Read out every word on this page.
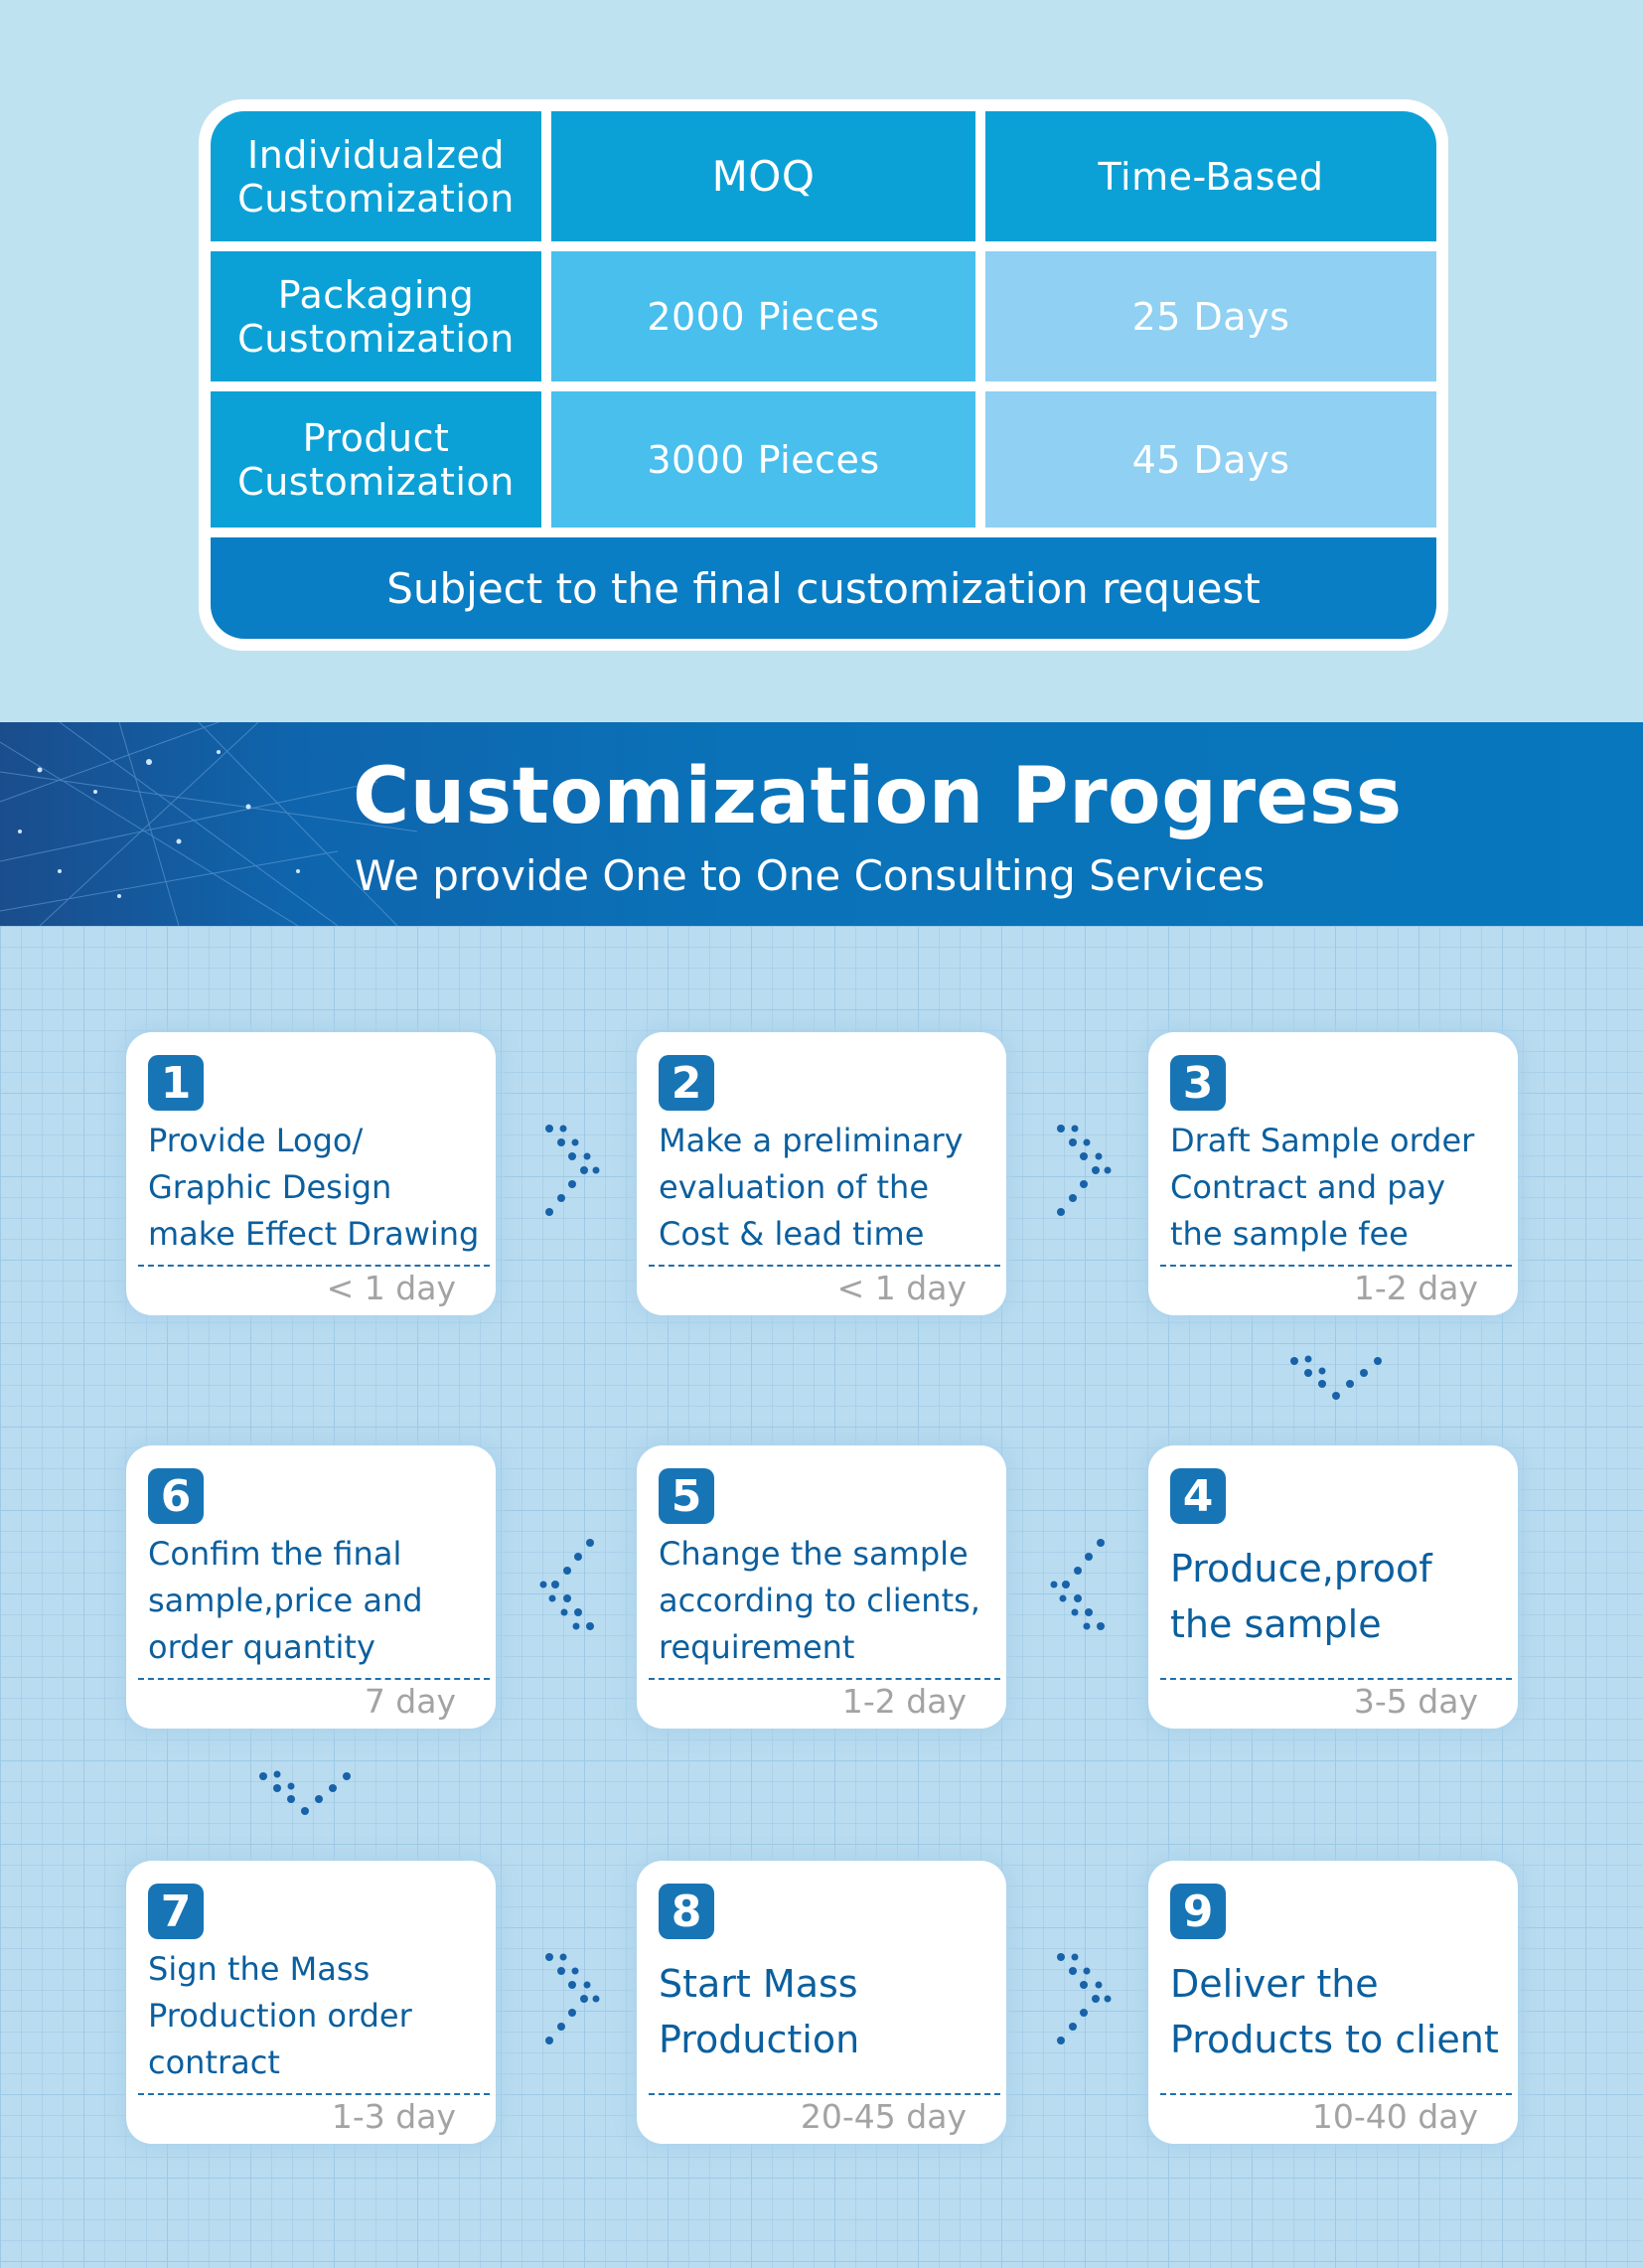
Individualzed Customization	MOQ	Time-Based
Packaging Customization	2000 Pieces	25 Days
Product Customization	3000 Pieces	45 Days
Subject to the final customization request
Customization Progress
We provide One to One Consulting Services
1
Provide Logo/
Graphic Design
make Effect Drawing
< 1 day
2
Make a preliminary
evaluation of the
Cost & lead time
< 1 day
3
Draft Sample order
Contract and pay
the sample fee
1-2 day
6
Confim the final
sample,price and
order quantity
7 day
5
Change the sample
according to clients,
requirement
1-2 day
4
Produce,proof
the sample
3-5 day
7
Sign the Mass
Production order
contract
1-3 day
8
Start Mass
Production
20-45 day
9
Deliver the
Products to client
10-40 day
